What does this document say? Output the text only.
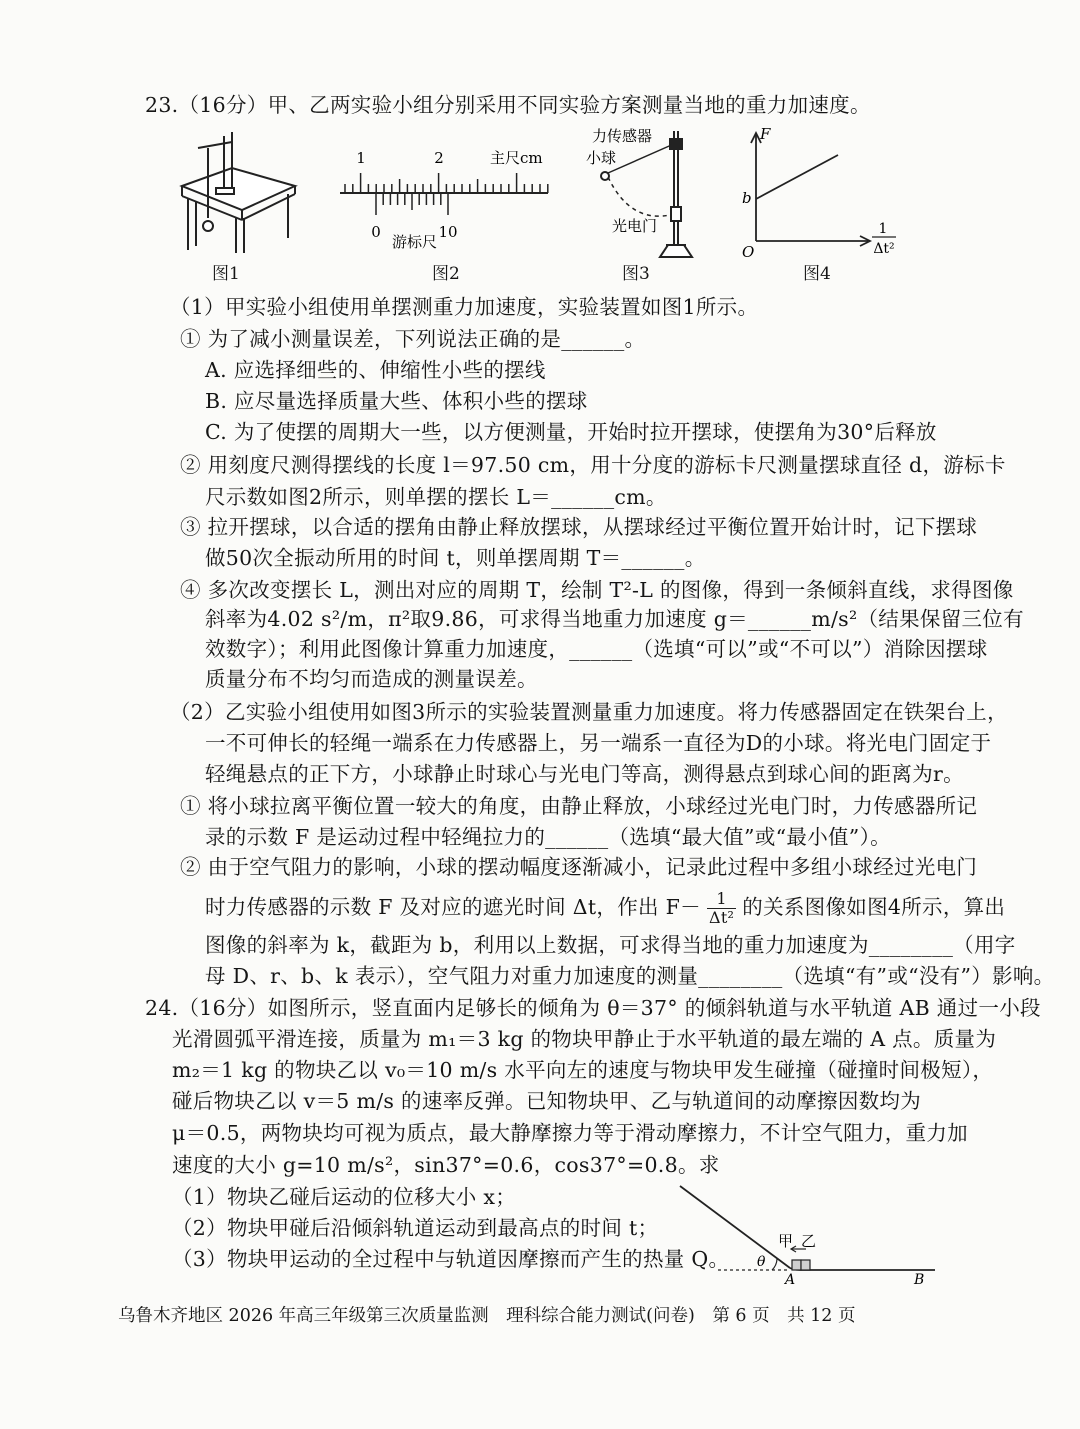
23.（16分）甲、乙两实验小组分别采用不同实验方案测量当地的重力加速度。
图1
1	2	主尺cm
0	10
游标尺
图2
力传感器
小球
光电门
图3
F
b
O
1
Δt²
图4
（1）甲实验小组使用单摆测重力加速度，实验装置如图1所示。
① 为了减小测量误差，下列说法正确的是______。
A. 应选择细些的、伸缩性小些的摆线
B. 应尽量选择质量大些、体积小些的摆球
C. 为了使摆的周期大一些，以方便测量，开始时拉开摆球，使摆角为30°后释放
② 用刻度尺测得摆线的长度 l＝97.50 cm，用十分度的游标卡尺测量摆球直径 d，游标卡
尺示数如图2所示，则单摆的摆长 L＝______cm。
③ 拉开摆球，以合适的摆角由静止释放摆球，从摆球经过平衡位置开始计时，记下摆球
做50次全振动所用的时间 t，则单摆周期 T＝______。
④ 多次改变摆长 L，测出对应的周期 T，绘制 T²-L 的图像，得到一条倾斜直线，求得图像
斜率为4.02 s²/m，π²取9.86，可求得当地重力加速度 g＝______m/s²（结果保留三位有
效数字）；利用此图像计算重力加速度，______（选填“可以”或“不可以”）消除因摆球
质量分布不均匀而造成的测量误差。
（2）乙实验小组使用如图3所示的实验装置测量重力加速度。将力传感器固定在铁架台上，
一不可伸长的轻绳一端系在力传感器上，另一端系一直径为D的小球。将光电门固定于
轻绳悬点的正下方，小球静止时球心与光电门等高，测得悬点到球心间的距离为r。
① 将小球拉离平衡位置一较大的角度，由静止释放，小球经过光电门时，力传感器所记
录的示数 F 是运动过程中轻绳拉力的______（选填“最大值”或“最小值”）。
② 由于空气阻力的影响，小球的摆动幅度逐渐减小，记录此过程中多组小球经过光电门
时力传感器的示数 F 及对应的遮光时间 Δt，作出 $F- \frac{1}{\text{Δt²}}$ 的关系图像如图4所示，算出
图像的斜率为 k，截距为 b，利用以上数据，可求得当地的重力加速度为________（用字
母 D、r、b、k 表示），空气阻力对重力加速度的测量________（选填“有”或“没有”）影响。
24.（16分）如图所示，竖直面内足够长的倾角为 θ＝37° 的倾斜轨道与水平轨道 AB 通过一小段
光滑圆弧平滑连接，质量为 m₁＝3 kg 的物块甲静止于水平轨道的最左端的 A 点。质量为
m₂＝1 kg 的物块乙以 v₀＝10 m/s 水平向左的速度与物块甲发生碰撞（碰撞时间极短），
碰后物块乙以 v＝5 m/s 的速率反弹。已知物块甲、乙与轨道间的动摩擦因数均为
μ＝0.5，两物块均可视为质点，最大静摩擦力等于滑动摩擦力，不计空气阻力，重力加
速度的大小 g=10 m/s²，sin37°=0.6，cos37°=0.8。求
（1）物块乙碰后运动的位移大小 x；
（2）物块甲碰后沿倾斜轨道运动到最高点的时间 t；
（3）物块甲运动的全过程中与轨道因摩擦而产生的热量 Q。
甲 乙
θ
A	B
乌鲁木齐地区 2026 年高三年级第三次质量监测　理科综合能力测试(问卷)　第 6 页　共 12 页
